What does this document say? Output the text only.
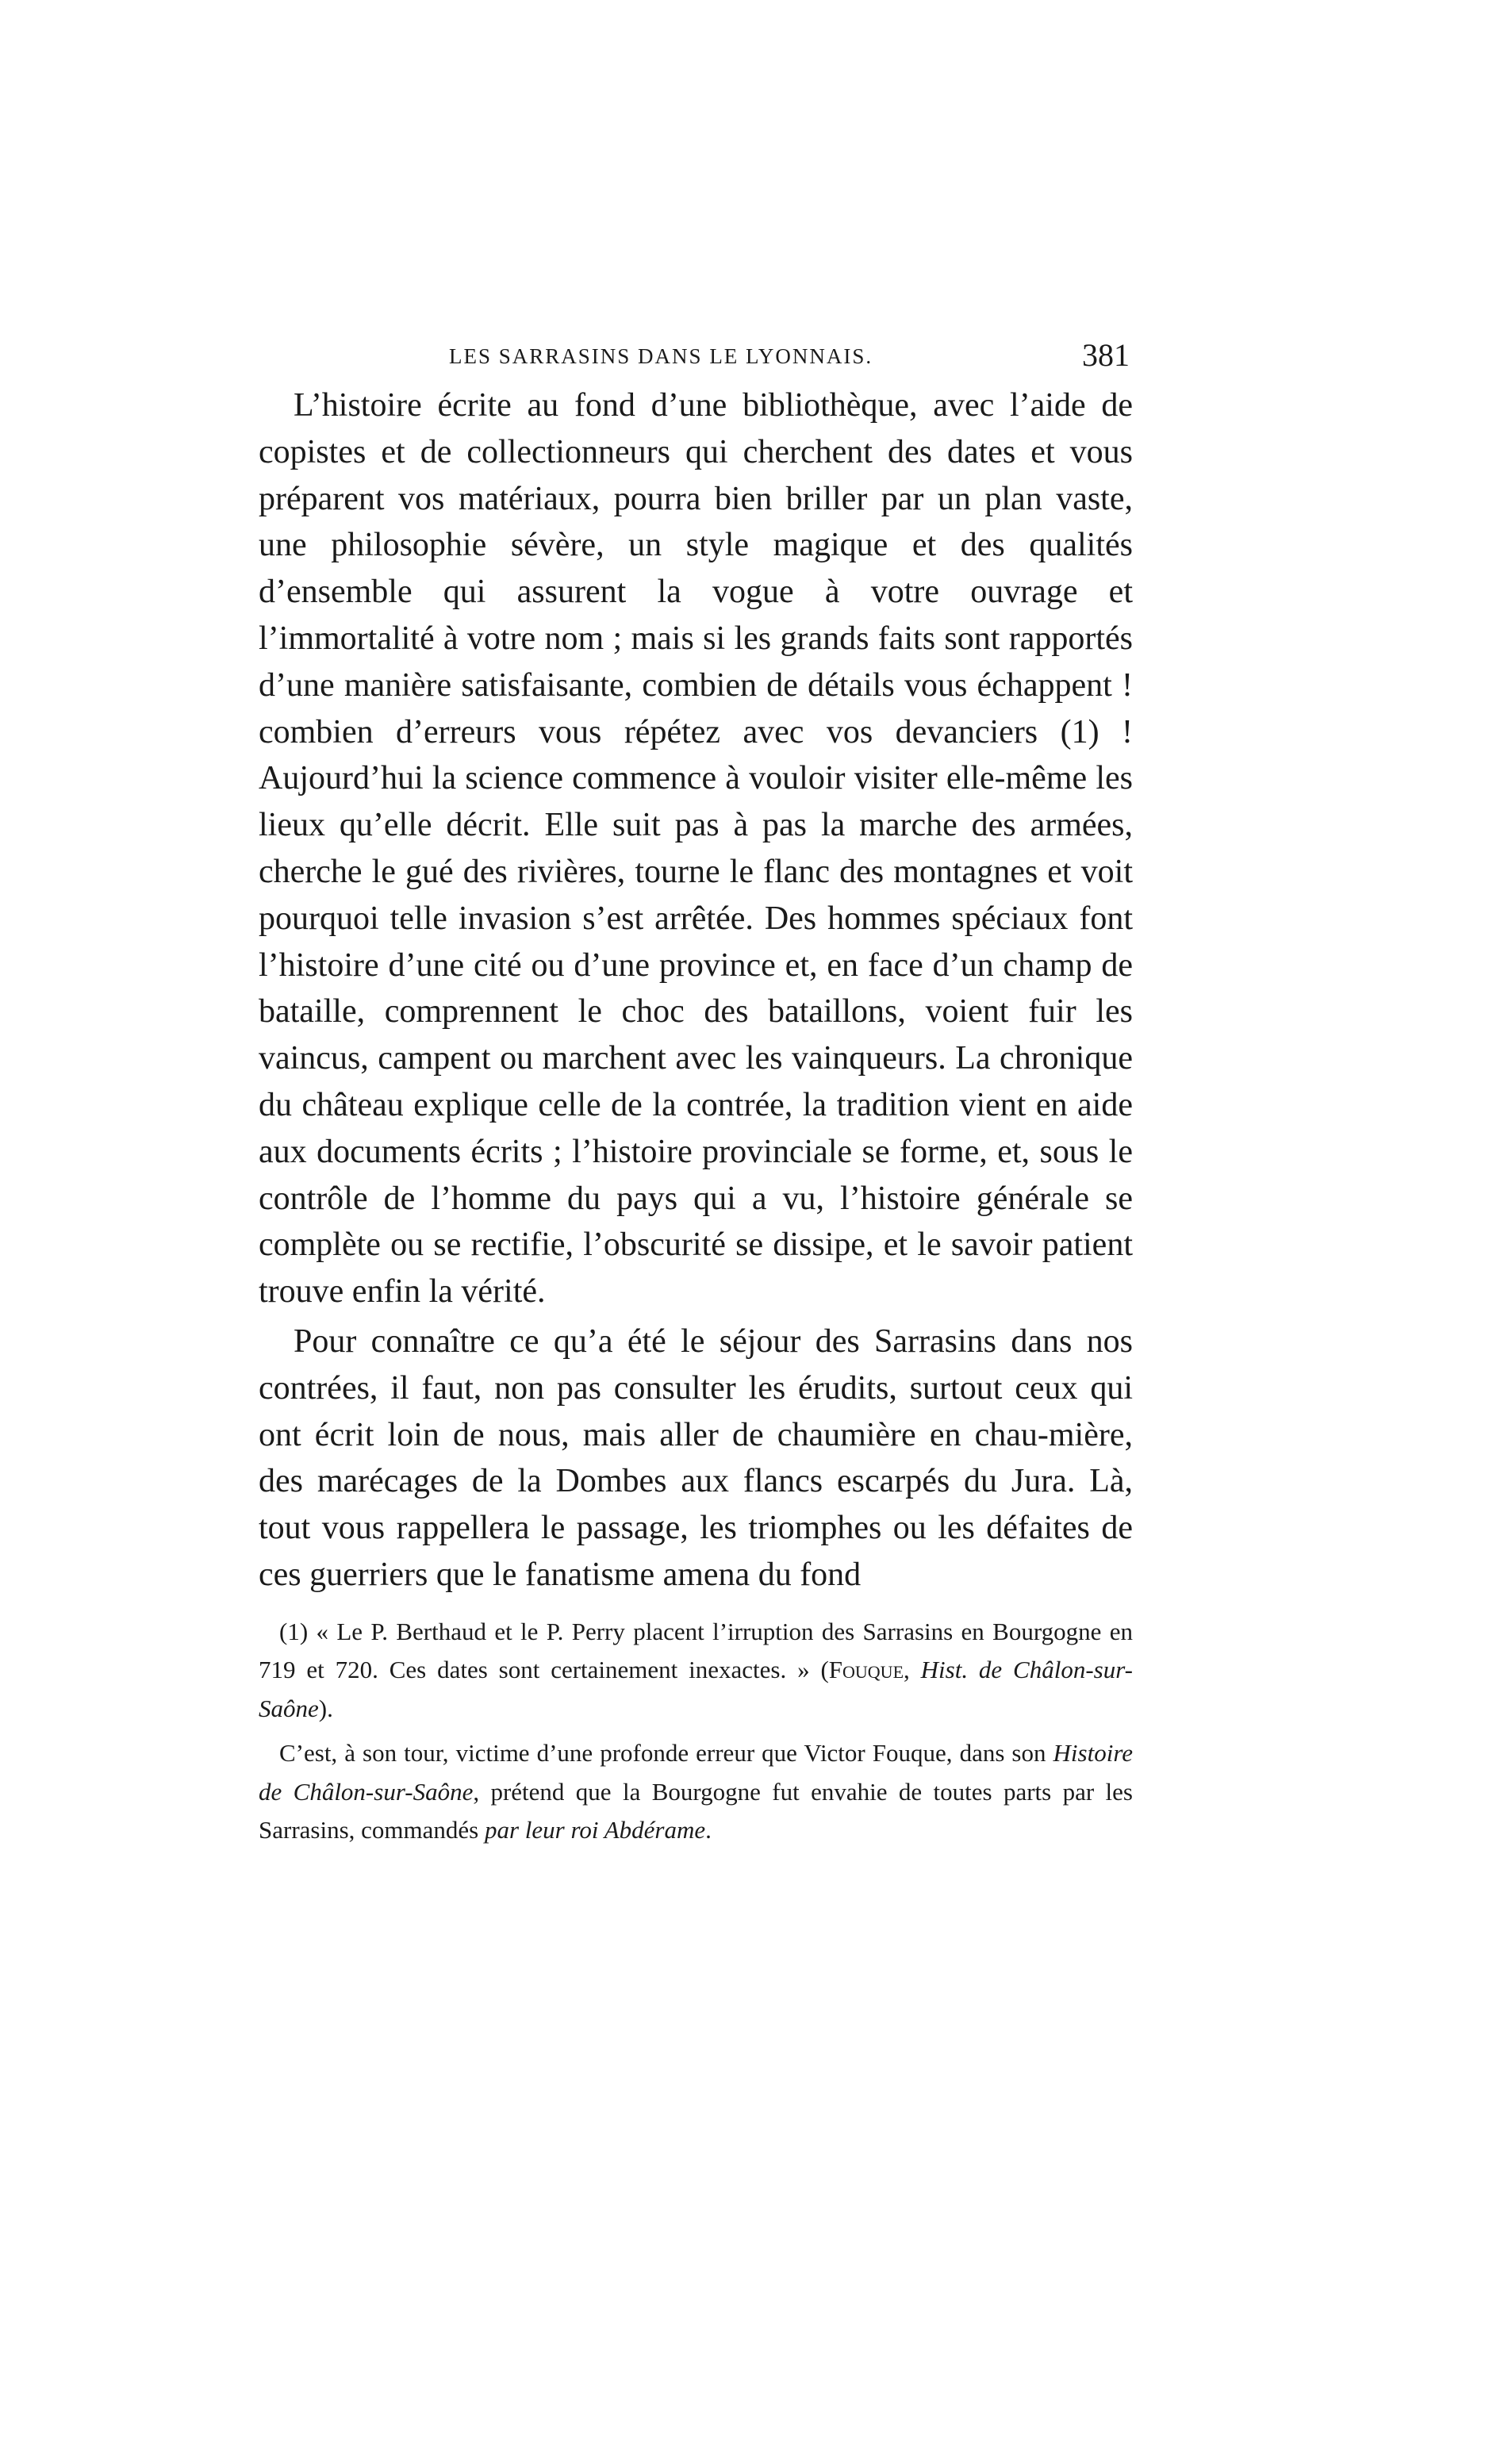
LES SARRASINS DANS LE LYONNAIS.	381

L’histoire écrite au fond d’une bibliothèque, avec l’aide de copistes et de collectionneurs qui cherchent des dates et vous préparent vos matériaux, pourra bien briller par un plan vaste, une philosophie sévère, un style magique et des qualités d’ensemble qui assurent la vogue à votre ouvrage et l’immortalité à votre nom ; mais si les grands faits sont rapportés d’une manière satisfaisante, combien de détails vous échappent ! combien d’erreurs vous répétez avec vos devanciers (1) ! Aujourd’hui la science commence à vouloir visiter elle-même les lieux qu’elle décrit. Elle suit pas à pas la marche des armées, cherche le gué des rivières, tourne le flanc des montagnes et voit pourquoi telle invasion s’est arrêtée. Des hommes spéciaux font l’histoire d’une cité ou d’une province et, en face d’un champ de bataille, comprennent le choc des bataillons, voient fuir les vaincus, campent ou marchent avec les vainqueurs. La chronique du château explique celle de la contrée, la tradition vient en aide aux documents écrits ; l’histoire provinciale se forme, et, sous le contrôle de l’homme du pays qui a vu, l’histoire générale se complète ou se rectifie, l’obscurité se dissipe, et le savoir patient trouve enfin la vérité.

Pour connaître ce qu’a été le séjour des Sarrasins dans nos contrées, il faut, non pas consulter les érudits, surtout ceux qui ont écrit loin de nous, mais aller de chaumière en chau-mière, des marécages de la Dombes aux flancs escarpés du Jura. Là, tout vous rappellera le passage, les triomphes ou les défaites de ces guerriers que le fanatisme amena du fond

(1) « Le P. Berthaud et le P. Perry placent l’irruption des Sarrasins en Bourgogne en 719 et 720. Ces dates sont certainement inexactes. » (Fouque, Hist. de Châlon-sur-Saône).

C’est, à son tour, victime d’une profonde erreur que Victor Fouque, dans son Histoire de Châlon-sur-Saône, prétend que la Bourgogne fut envahie de toutes parts par les Sarrasins, commandés par leur roi Abdérame.
